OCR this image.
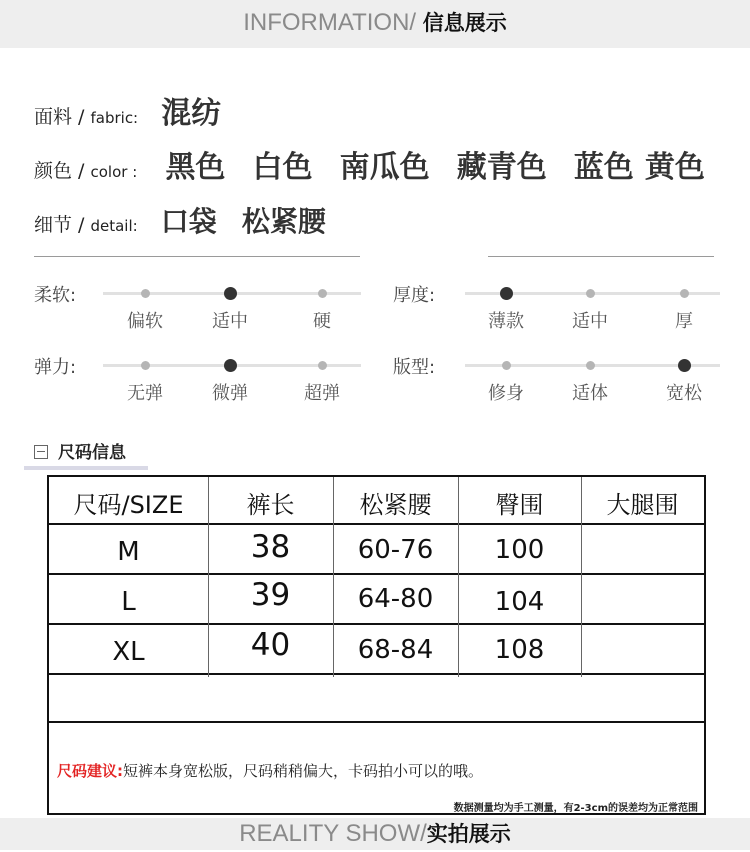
INFORMATION/ 信息展示
面料 / fabric: 混纺
颜色 / color : 黑色 白色 南瓜色 藏青色 蓝色 黄色
细节 / detail: 口袋 松紧腰
柔软:
偏软	适中	硬
厚度:
薄款	适中	厚
弹力:
无弹	微弹	超弹
版型:
修身	适体	宽松
尺码信息
尺码/SIZE	裤长	松紧腰	臀围	大腿围
M	38	60-76	100
L	39	64-80	104
XL	40	68-84	108
尺码建议:短裤本身宽松版，尺码稍稍偏大，卡码拍小可以的哦。
数据测量均为手工测量，有2-3cm的误差均为正常范围
REALITY SHOW/实拍展示
